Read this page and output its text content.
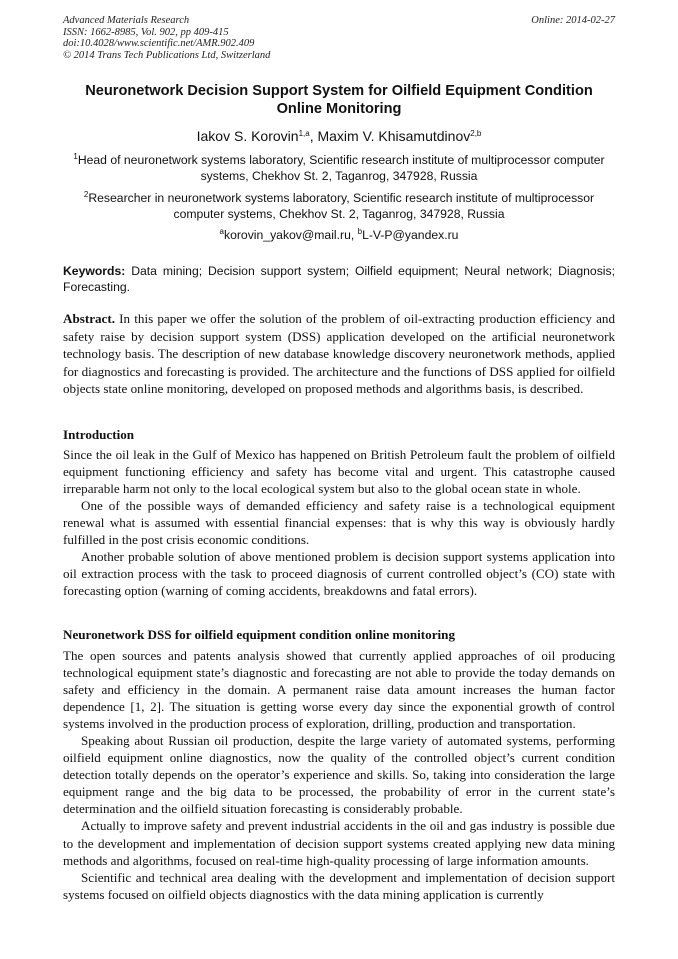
Advanced Materials Research
ISSN: 1662-8985, Vol. 902, pp 409-415
doi:10.4028/www.scientific.net/AMR.902.409
© 2014 Trans Tech Publications Ltd, Switzerland
Online: 2014-02-27
Neuronetwork Decision Support System for Oilfield Equipment Condition Online Monitoring
Iakov S. Korovin$^{1,a}$, Maxim V. Khisamutdinov$^{2,b}$
$^1$Head of neuronetwork systems laboratory, Scientific research institute of multiprocessor computer systems, Chekhov St. 2, Taganrog, 347928, Russia
$^2$Researcher in neuronetwork systems laboratory, Scientific research institute of multiprocessor computer systems, Chekhov St. 2, Taganrog, 347928, Russia
$^a$korovin_yakov@mail.ru, $^b$L-V-P@yandex.ru
Keywords: Data mining; Decision support system; Oilfield equipment; Neural network; Diagnosis; Forecasting.
Abstract. In this paper we offer the solution of the problem of oil-extracting production efficiency and safety raise by decision support system (DSS) application developed on the artificial neuronetwork technology basis. The description of new database knowledge discovery neuronetwork methods, applied for diagnostics and forecasting is provided. The architecture and the functions of DSS applied for oilfield objects state online monitoring, developed on proposed methods and algorithms basis, is described.
Introduction

Since the oil leak in the Gulf of Mexico has happened on British Petroleum fault the problem of oilfield equipment functioning efficiency and safety has become vital and urgent. This catastrophe caused irreparable harm not only to the local ecological system but also to the global ocean state in whole.

One of the possible ways of demanded efficiency and safety raise is a technological equipment renewal what is assumed with essential financial expenses: that is why this way is obviously hardly fulfilled in the post crisis economic conditions.

Another probable solution of above mentioned problem is decision support systems application into oil extraction process with the task to proceed diagnosis of current controlled object’s (CO) state with forecasting option (warning of coming accidents, breakdowns and fatal errors).

Neuronetwork DSS for oilfield equipment condition online monitoring

The open sources and patents analysis showed that currently applied approaches of oil producing technological equipment state’s diagnostic and forecasting are not able to provide the today demands on safety and efficiency in the domain. A permanent raise data amount increases the human factor dependence [1, 2]. The situation is getting worse every day since the exponential growth of control systems involved in the production process of exploration, drilling, production and transportation.

Speaking about Russian oil production, despite the large variety of automated systems, performing oilfield equipment online diagnostics, now the quality of the controlled object’s current condition detection totally depends on the operator’s experience and skills. So, taking into consideration the large equipment range and the big data to be processed, the probability of error in the current state’s determination and the oilfield situation forecasting is considerably probable.

Actually to improve safety and prevent industrial accidents in the oil and gas industry is possible due to the development and implementation of decision support systems created applying new data mining methods and algorithms, focused on real-time high-quality processing of large information amounts.

Scientific and technical area dealing with the development and implementation of decision support systems focused on oilfield objects diagnostics with the data mining application is currently
